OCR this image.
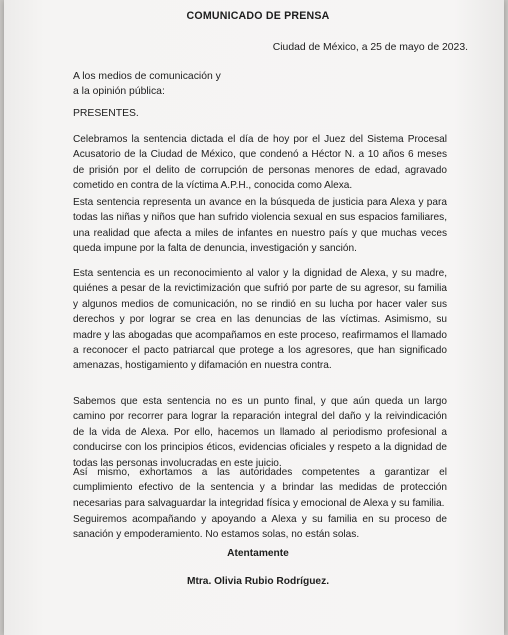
COMUNICADO DE PRENSA
Ciudad de México, a 25 de mayo de 2023.
A los medios de comunicación y
a la opinión pública:
PRESENTES.
Celebramos la sentencia dictada el día de hoy por el Juez del Sistema Procesal Acusatorio de la Ciudad de México, que condenó a Héctor N. a 10 años 6 meses de prisión por el delito de corrupción de personas menores de edad, agravado cometido en contra de la víctima A.P.H., conocida como Alexa.
Esta sentencia representa un avance en la búsqueda de justicia para Alexa y para todas las niñas y niños que han sufrido violencia sexual en sus espacios familiares, una realidad que afecta a miles de infantes en nuestro país y que muchas veces queda impune por la falta de denuncia, investigación y sanción.
Esta sentencia es un reconocimiento al valor y la dignidad de Alexa, y su madre, quiénes a pesar de la revictimización que sufrió por parte de su agresor, su familia y algunos medios de comunicación, no se rindió en su lucha por hacer valer sus derechos y por lograr se crea en las denuncias de las víctimas. Asimismo, su madre y las abogadas que acompañamos en este proceso, reafirmamos el llamado a reconocer el pacto patriarcal que protege a los agresores, que han significado amenazas, hostigamiento y difamación en nuestra contra.
Sabemos que esta sentencia no es un punto final, y que aún queda un largo camino por recorrer para lograr la reparación integral del daño y la reivindicación de la vida de Alexa. Por ello, hacemos un llamado al periodismo profesional a conducirse con los principios éticos, evidencias oficiales y respeto a la dignidad de todas las personas involucradas en este juicio.
Así mismo, exhortamos a las autoridades competentes a garantizar el cumplimiento efectivo de la sentencia y a brindar las medidas de protección necesarias para salvaguardar la integridad física y emocional de Alexa y su familia.
Seguiremos acompañando y apoyando a Alexa y su familia en su proceso de sanación y empoderamiento. No estamos solas, no están solas.
Atentamente
Mtra. Olivia Rubio Rodríguez.
